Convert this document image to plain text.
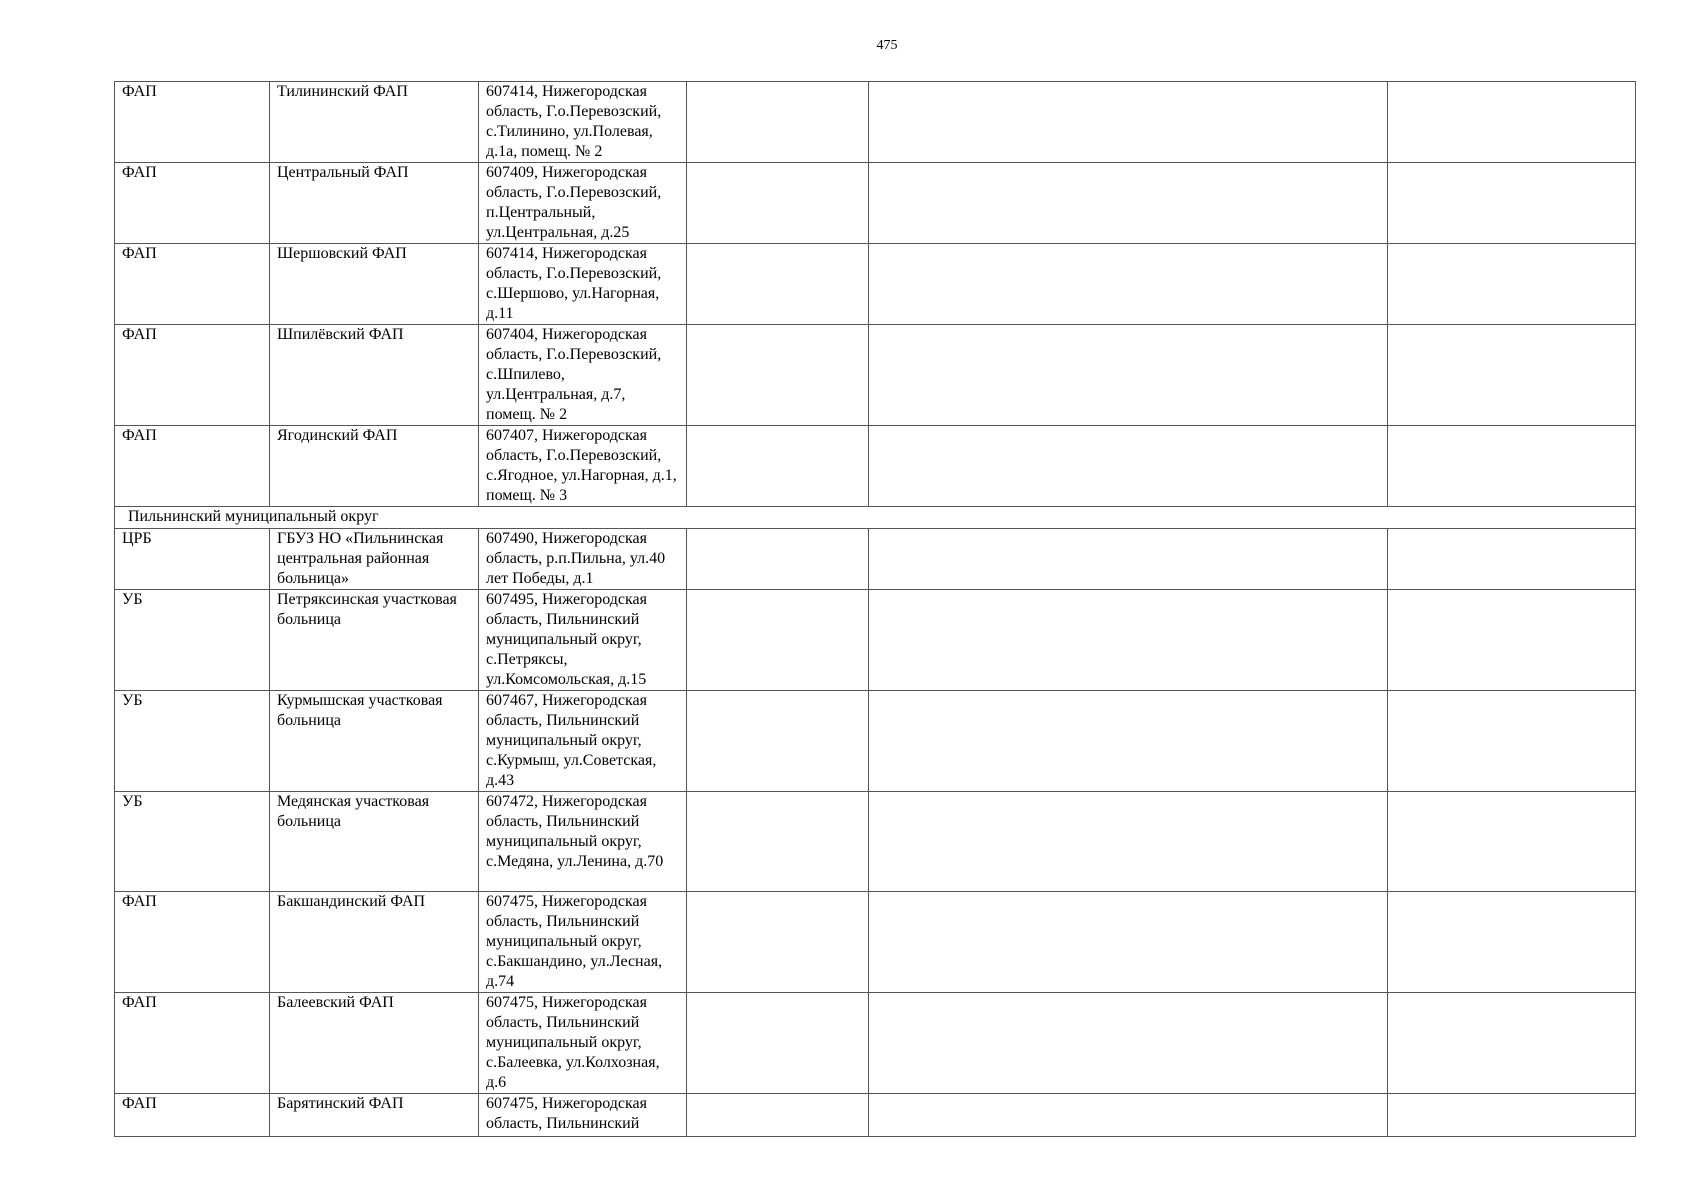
475
ФАП	Тилининский ФАП	607414, Нижегородская область, Г.о.Перевозский, с.Тилинино, ул.Полевая, д.1а, помещ. № 2			
ФАП	Центральный ФАП	607409, Нижегородская область, Г.о.Перевозский, п.Центральный, ул.Центральная, д.25			
ФАП	Шершовский ФАП	607414, Нижегородская область, Г.о.Перевозский, с.Шершово, ул.Нагорная, д.11			
ФАП	Шпилёвский ФАП	607404, Нижегородская область, Г.о.Перевозский, с.Шпилево, ул.Центральная, д.7, помещ. № 2			
ФАП	Ягодинский ФАП	607407, Нижегородская область, Г.о.Перевозский, с.Ягодное, ул.Нагорная, д.1, помещ. № 3			
Пильнинский муниципальный округ					
ЦРБ	ГБУЗ НО «Пильнинская центральная районная больница»	607490, Нижегородская область, р.п.Пильна, ул.40 лет Победы, д.1			
УБ	Петряксинская участковая больница	607495, Нижегородская область, Пильнинский муниципальный округ, с.Петряксы, ул.Комсомольская, д.15			
УБ	Курмышская участковая больница	607467, Нижегородская область, Пильнинский муниципальный округ, с.Курмыш, ул.Советская, д.43			
УБ	Медянская участковая больница	607472, Нижегородская область, Пильнинский муниципальный округ, с.Медяна, ул.Ленина, д.70			
ФАП	Бакшандинский ФАП	607475, Нижегородская область, Пильнинский муниципальный округ, с.Бакшандино, ул.Лесная, д.74			
ФАП	Балеевский ФАП	607475, Нижегородская область, Пильнинский муниципальный округ, с.Балеевка, ул.Колхозная, д.6			
ФАП	Барятинский ФАП	607475, Нижегородская область, Пильнинский			
